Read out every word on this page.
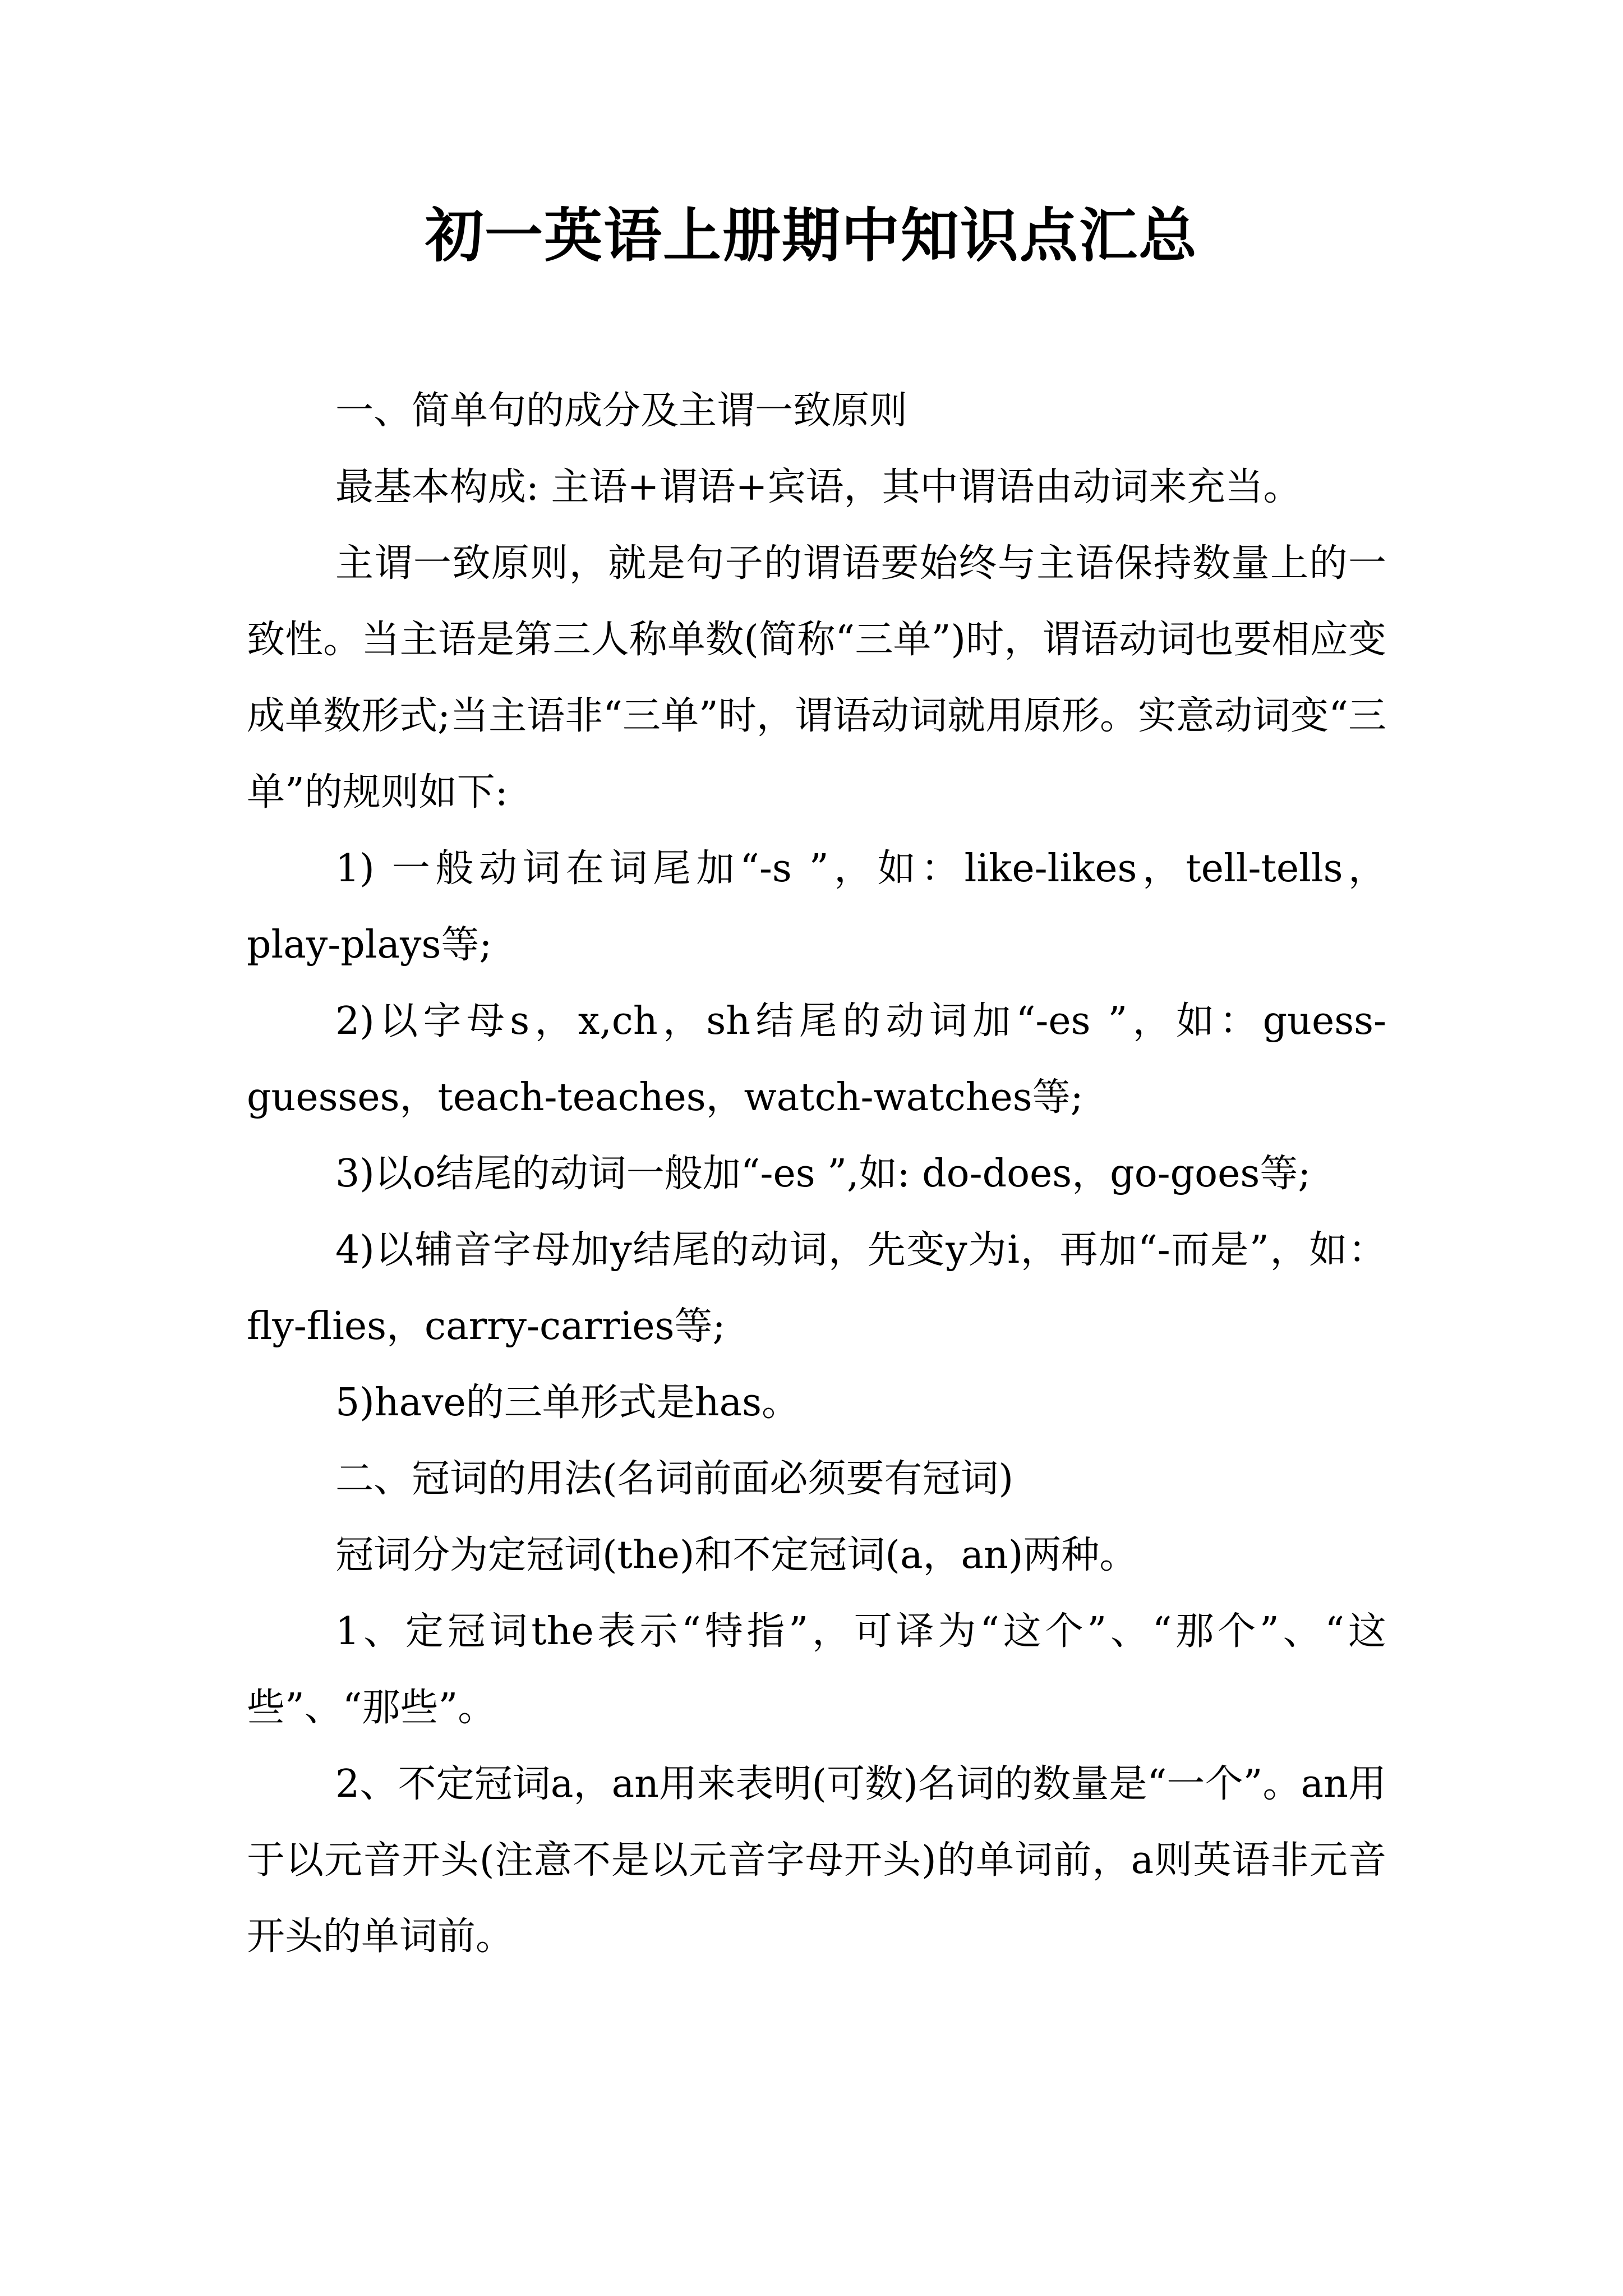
初一英语上册期中知识点汇总

一、简单句的成分及主谓一致原则

最基本构成: 主语+谓语+宾语，其中谓语由动词来充当。

主谓一致原则，就是句子的谓语要始终与主语保持数量上的一致性。当主语是第三人称单数(简称“三单”)时，谓语动词也要相应变成单数形式;当主语非“三单”时，谓语动词就用原形。实意动词变“三单”的规则如下:

1) 一般动词在词尾加“-s ”，如：like-likes，tell-tells，play-plays等;

2)以字母s，x,ch，sh结尾的动词加“-es ”，如：guess-guesses，teach-teaches，watch-watches等;

3)以o结尾的动词一般加“-es ”,如: do-does，go-goes等;

4)以辅音字母加y结尾的动词，先变y为i，再加“-而是”，如：fly-flies，carry-carries等;

5)have的三单形式是has。

二、冠词的用法(名词前面必须要有冠词)

冠词分为定冠词(the)和不定冠词(a，an)两种。

1、定冠词the表示“特指”，可译为“这个”、“那个”、“这些”、“那些”。

2、不定冠词a，an用来表明(可数)名词的数量是“一个”。an用于以元音开头(注意不是以元音字母开头)的单词前，a则英语非元音开头的单词前。
